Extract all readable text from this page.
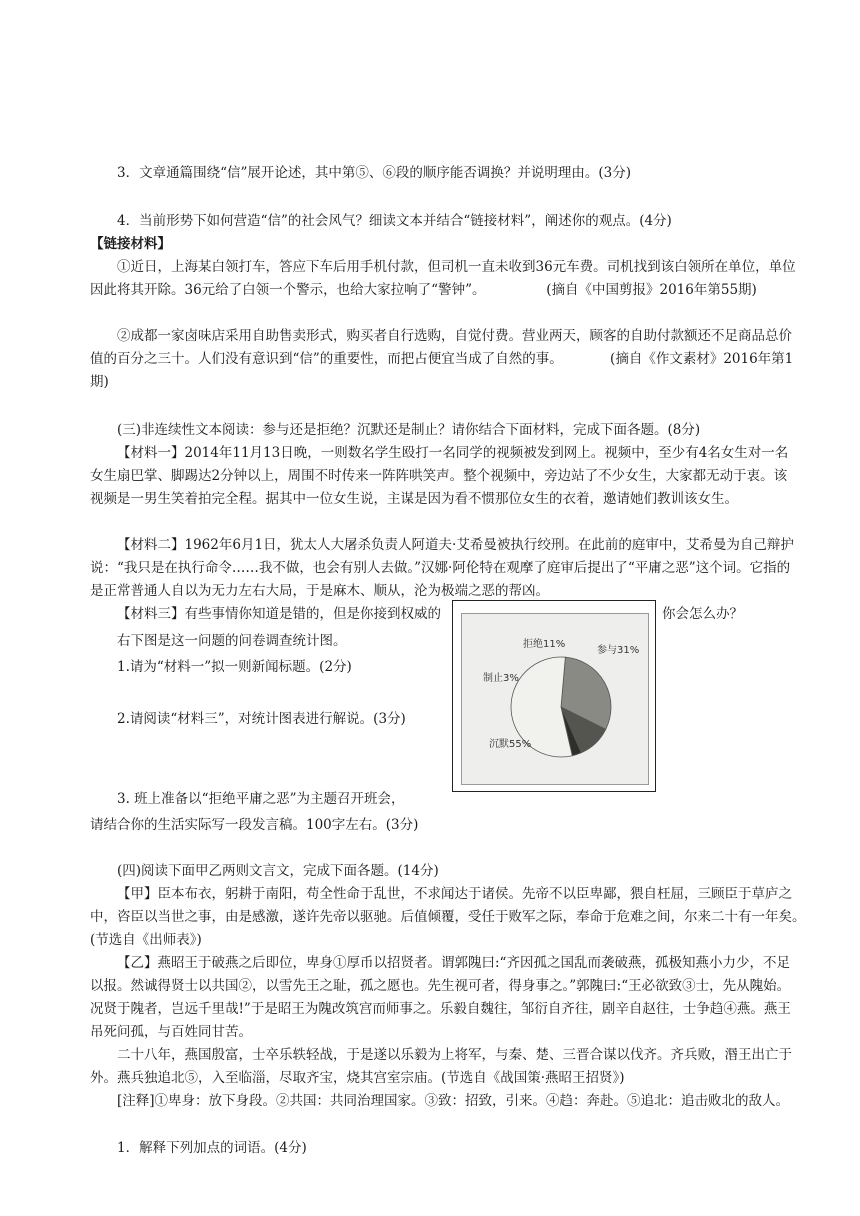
3．文章通篇围绕“信”展开论述，其中第⑤、⑥段的顺序能否调换？并说明理由。(3分)

4．当前形势下如何营造“信”的社会风气？细读文本并结合“链接材料”，阐述你的观点。(4分)

【链接材料】

①近日，上海某白领打车，答应下车后用手机付款，但司机一直未收到36元车费。司机找到该白领所在单位，单位因此将其开除。36元给了白领一个警示，也给大家拉响了“警钟”。　　　　　(摘自《中国剪报》2016年第55期)

②成都一家卤味店采用自助售卖形式，购买者自行选购，自觉付费。营业两天，顾客的自助付款额还不足商品总价值的百分之三十。人们没有意识到“信”的重要性，而把占便宜当成了自然的事。　　　　(摘自《作文素材》2016年第1期)

(三)非连续性文本阅读：参与还是拒绝？沉默还是制止？请你结合下面材料，完成下面各题。(8分)

【材料一】2014年11月13日晚，一则数名学生殴打一名同学的视频被发到网上。视频中，至少有4名女生对一名女生扇巴掌、脚踢达2分钟以上，周围不时传来一阵阵哄笑声。整个视频中，旁边站了不少女生，大家都无动于衷。该视频是一男生笑着拍完全程。据其中一位女生说，主谋是因为看不惯那位女生的衣着，邀请她们教训该女生。

【材料二】1962年6月1日，犹太人大屠杀负责人阿道夫·艾希曼被执行绞刑。在此前的庭审中，艾希曼为自己辩护说：“我只是在执行命令……我不做，也会有别人去做。”汉娜·阿伦特在观摩了庭审后提出了“平庸之恶”这个词。它指的是正常普通人自以为无力左右大局，于是麻木、顺从，沦为极端之恶的帮凶。

【材料三】有些事情你知道是错的，但是你接到权威的	你会怎么办？

右下图是这一问题的问卷调查统计图。

1.请为“材料一”拟一则新闻标题。(2分)

2.请阅读“材料三”，对统计图表进行解说。(3分)

3. 班上准备以“拒绝平庸之恶”为主题召开班会，

请结合你的生活实际写一段发言稿。100字左右。(3分)

参与31%
拒绝11%
制止3%
沉默55%

(四)阅读下面甲乙两则文言文，完成下面各题。(14分)

【甲】臣本布衣，躬耕于南阳，苟全性命于乱世，不求闻达于诸侯。先帝不以臣卑鄙，猥自枉屈，三顾臣于草庐之中，咨臣以当世之事，由是感激，遂许先帝以驱驰。后值倾覆，受任于败军之际，奉命于危难之间，尔来二十有一年矣。　(节选自《出师表》)

【乙】燕昭王于破燕之后即位，卑身①厚币以招贤者。谓郭隗曰:“齐因孤之国乱而袭破燕，孤极知燕小力少，不足以报。然诚得贤士以共国②，以雪先王之耻，孤之愿也。先生视可者，得身事之。”郭隗曰:“王必欲致③士，先从隗始。况贤于隗者，岂远千里哉!”于是昭王为隗改筑宫而师事之。乐毅自魏往，邹衍自齐往，剧辛自赵往，士争趋④燕。燕王吊死问孤，与百姓同甘苦。

二十八年，燕国殷富，士卒乐轶轻战，于是遂以乐毅为上将军，与秦、楚、三晋合谋以伐齐。齐兵败，湣王出亡于外。燕兵独追北⑤，入至临淄，尽取齐宝，烧其宫室宗庙。(节选自《战国策·燕昭王招贤》)

[注释]①卑身：放下身段。②共国：共同治理国家。③致：招致，引来。④趋：奔赴。⑤追北：追击败北的敌人。

1．解释下列加点的词语。(4分)
